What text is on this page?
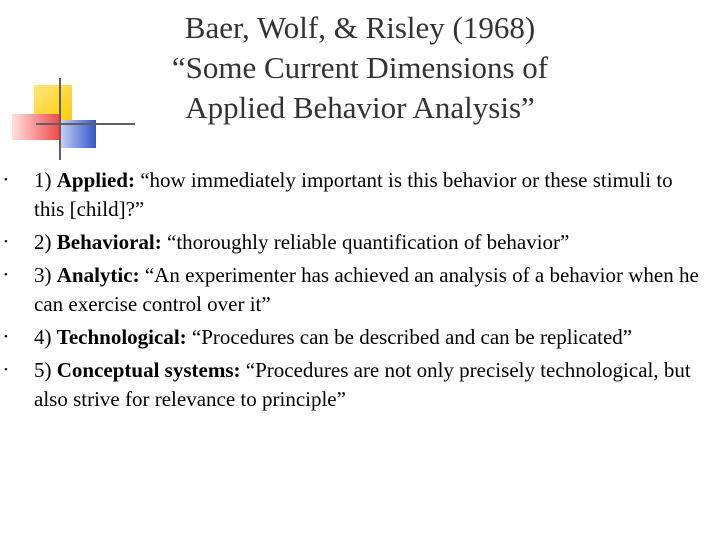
Baer, Wolf, & Risley (1968)
“Some Current Dimensions of
Applied Behavior Analysis”
• 1) Applied: “how immediately important is this behavior or these stimuli to this [child]?”
• 2) Behavioral: “thoroughly reliable quantification of behavior”
• 3) Analytic: “An experimenter has achieved an analysis of a behavior when he can exercise control over it”
• 4) Technological: “Procedures can be described and can be replicated”
• 5) Conceptual systems: “Procedures are not only precisely technological, but also strive for relevance to principle”
